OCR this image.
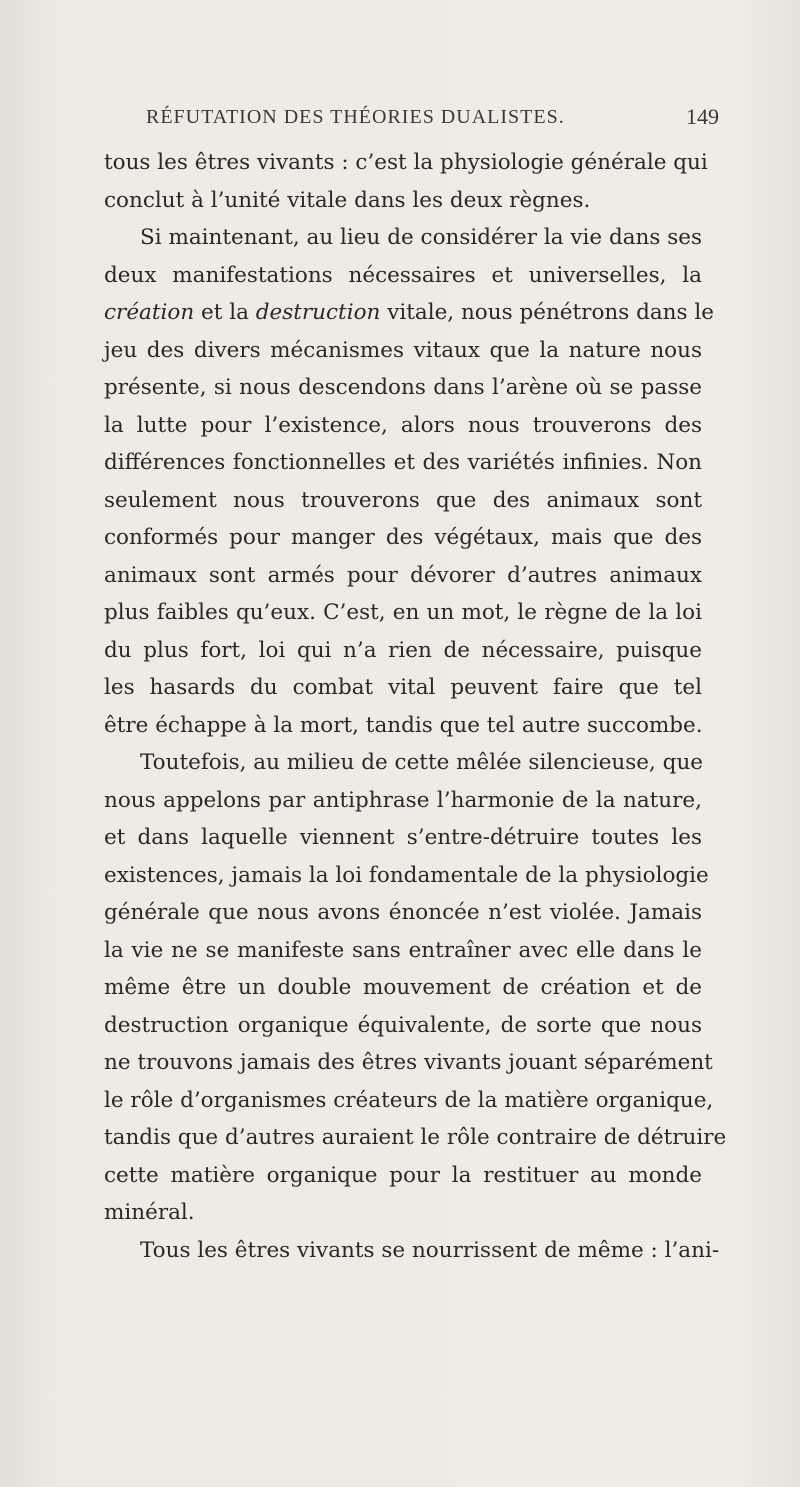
RÉFUTATION DES THÉORIES DUALISTES.	149
tous les êtres vivants : c’est la physiologie générale qui
conclut à l’unité vitale dans les deux règnes.
Si maintenant, au lieu de considérer la vie dans ses
deux manifestations nécessaires et universelles, la
création et la destruction vitale, nous pénétrons dans le
jeu des divers mécanismes vitaux que la nature nous
présente, si nous descendons dans l’arène où se passe
la lutte pour l’existence, alors nous trouverons des
différences fonctionnelles et des variétés infinies. Non
seulement nous trouverons que des animaux sont
conformés pour manger des végétaux, mais que des
animaux sont armés pour dévorer d’autres animaux
plus faibles qu’eux. C’est, en un mot, le règne de la loi
du plus fort, loi qui n’a rien de nécessaire, puisque
les hasards du combat vital peuvent faire que tel
être échappe à la mort, tandis que tel autre succombe.
Toutefois, au milieu de cette mêlée silencieuse, que
nous appelons par antiphrase l’harmonie de la nature,
et dans laquelle viennent s’entre-détruire toutes les
existences, jamais la loi fondamentale de la physiologie
générale que nous avons énoncée n’est violée. Jamais
la vie ne se manifeste sans entraîner avec elle dans le
même être un double mouvement de création et de
destruction organique équivalente, de sorte que nous
ne trouvons jamais des êtres vivants jouant séparément
le rôle d’organismes créateurs de la matière organique,
tandis que d’autres auraient le rôle contraire de détruire
cette matière organique pour la restituer au monde
minéral.
Tous les êtres vivants se nourrissent de même : l’ani-
